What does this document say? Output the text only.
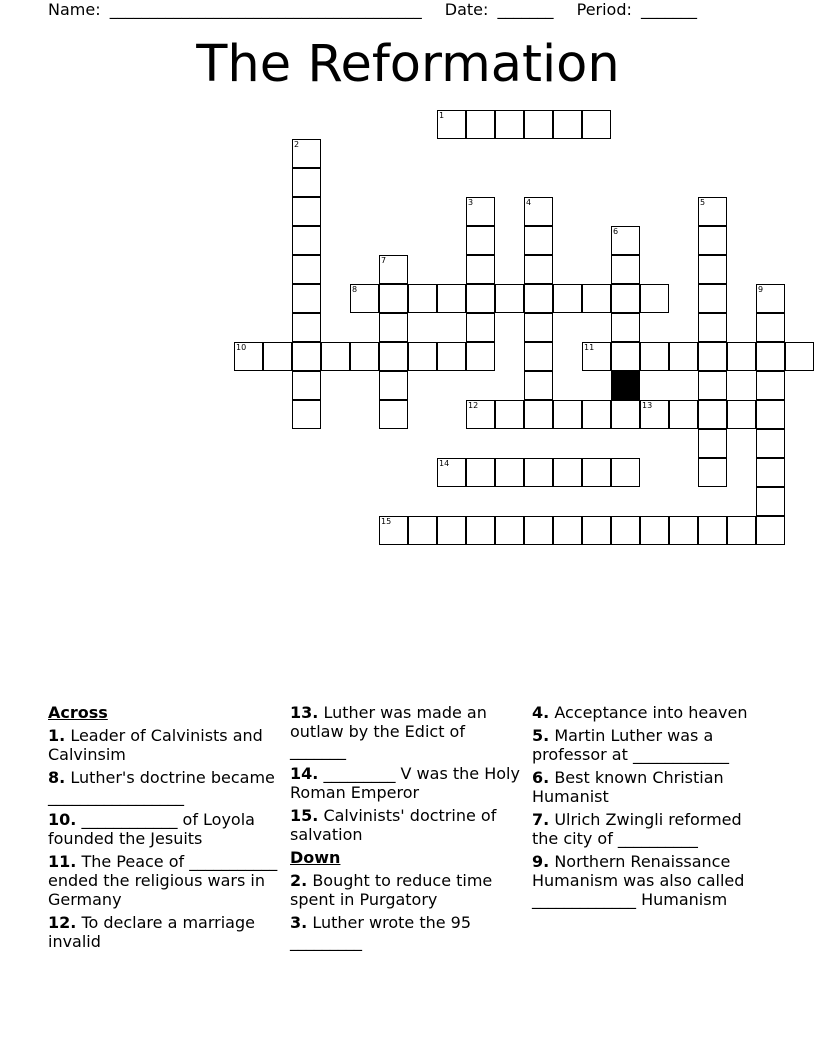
Name: _______________________________________ Date: _______ Period: _______
The Reformation
1
2
3	4	5
6
7
8	9
10	11
12	13
14
15
Across
1. Leader of Calvinists and Calvinsim
8. Luther's doctrine became _________________
10. ____________ of Loyola founded the Jesuits
11. The Peace of ___________ ended the religious wars in Germany
12. To declare a marriage invalid
13. Luther was made an outlaw by the Edict of _______
14. _________ V was the Holy Roman Emperor
15. Calvinists' doctrine of salvation
Down
2. Bought to reduce time spent in Purgatory
3. Luther wrote the 95 _________
4. Acceptance into heaven
5. Martin Luther was a professor at ____________
6. Best known Christian Humanist
7. Ulrich Zwingli reformed the city of __________
9. Northern Renaissance Humanism was also called _____________ Humanism
